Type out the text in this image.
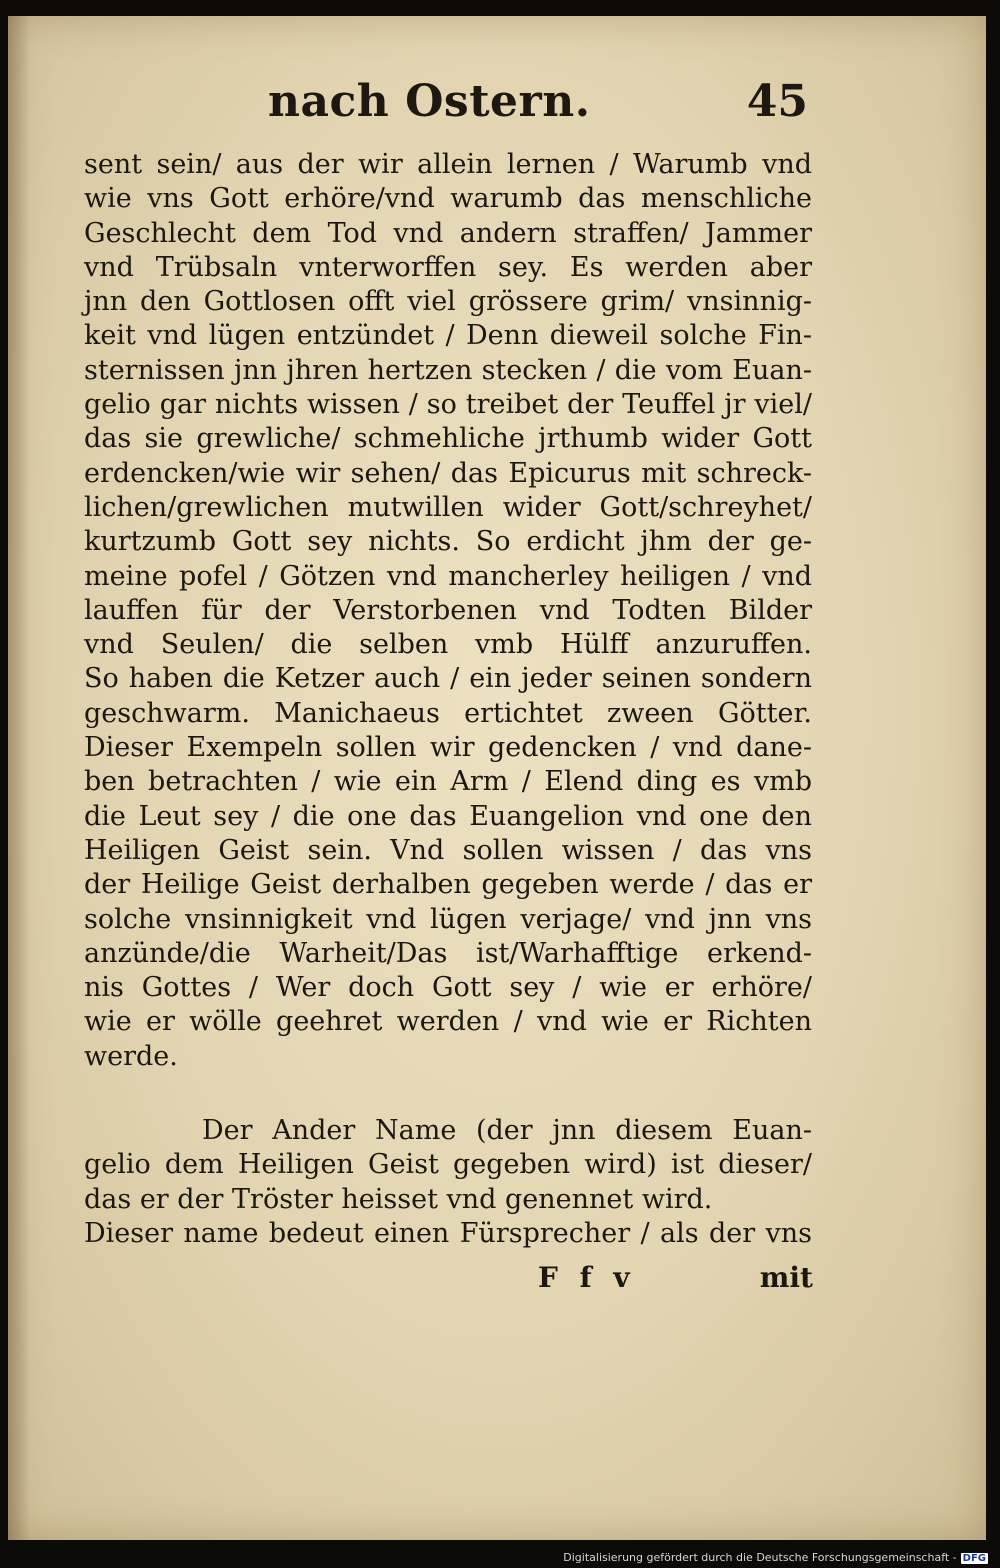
nach Ostern.	45
sent sein/ aus der wir allein lernen / Warumb vnd
wie vns Gott erhöre/vnd warumb das menschliche
Geschlecht dem Tod vnd andern straffen/ Jammer
vnd Trübsaln vnterworffen sey. Es werden aber
jnn den Gottlosen offt viel grössere grim/ vnsinnig-
keit vnd lügen entzündet / Denn dieweil solche Fin-
sternissen jnn jhren hertzen stecken / die vom Euan-
gelio gar nichts wissen / so treibet der Teuffel jr viel/
das sie grewliche/ schmehliche jrthumb wider Gott
erdencken/wie wir sehen/ das Epicurus mit schreck-
lichen/grewlichen mutwillen wider Gott/schreyhet/
kurtzumb Gott sey nichts. So erdicht jhm der ge-
meine pofel / Götzen vnd mancherley heiligen / vnd
lauffen für der Verstorbenen vnd Todten Bilder
vnd Seulen/ die selben vmb Hülff anzuruffen.
So haben die Ketzer auch / ein jeder seinen sondern
geschwarm. Manichaeus ertichtet zween Götter.
Dieser Exempeln sollen wir gedencken / vnd dane-
ben betrachten / wie ein Arm / Elend ding es vmb
die Leut sey / die one das Euangelion vnd one den
Heiligen Geist sein. Vnd sollen wissen / das vns
der Heilige Geist derhalben gegeben werde / das er
solche vnsinnigkeit vnd lügen verjage/ vnd jnn vns
anzünde/die Warheit/Das ist/Warhafftige erkend-
nis Gottes / Wer doch Gott sey / wie er erhöre/
wie er wölle geehret werden / vnd wie er Richten
werde.
Der Ander Name (der jnn diesem Euan-
gelio dem Heiligen Geist gegeben wird) ist dieser/
das er der Tröster heisset vnd genennet wird.
Dieser name bedeut einen Fürsprecher / als der vns
F f v	mit
Digitalisierung gefördert durch die Deutsche Forschungsgemeinschaft - DFG
